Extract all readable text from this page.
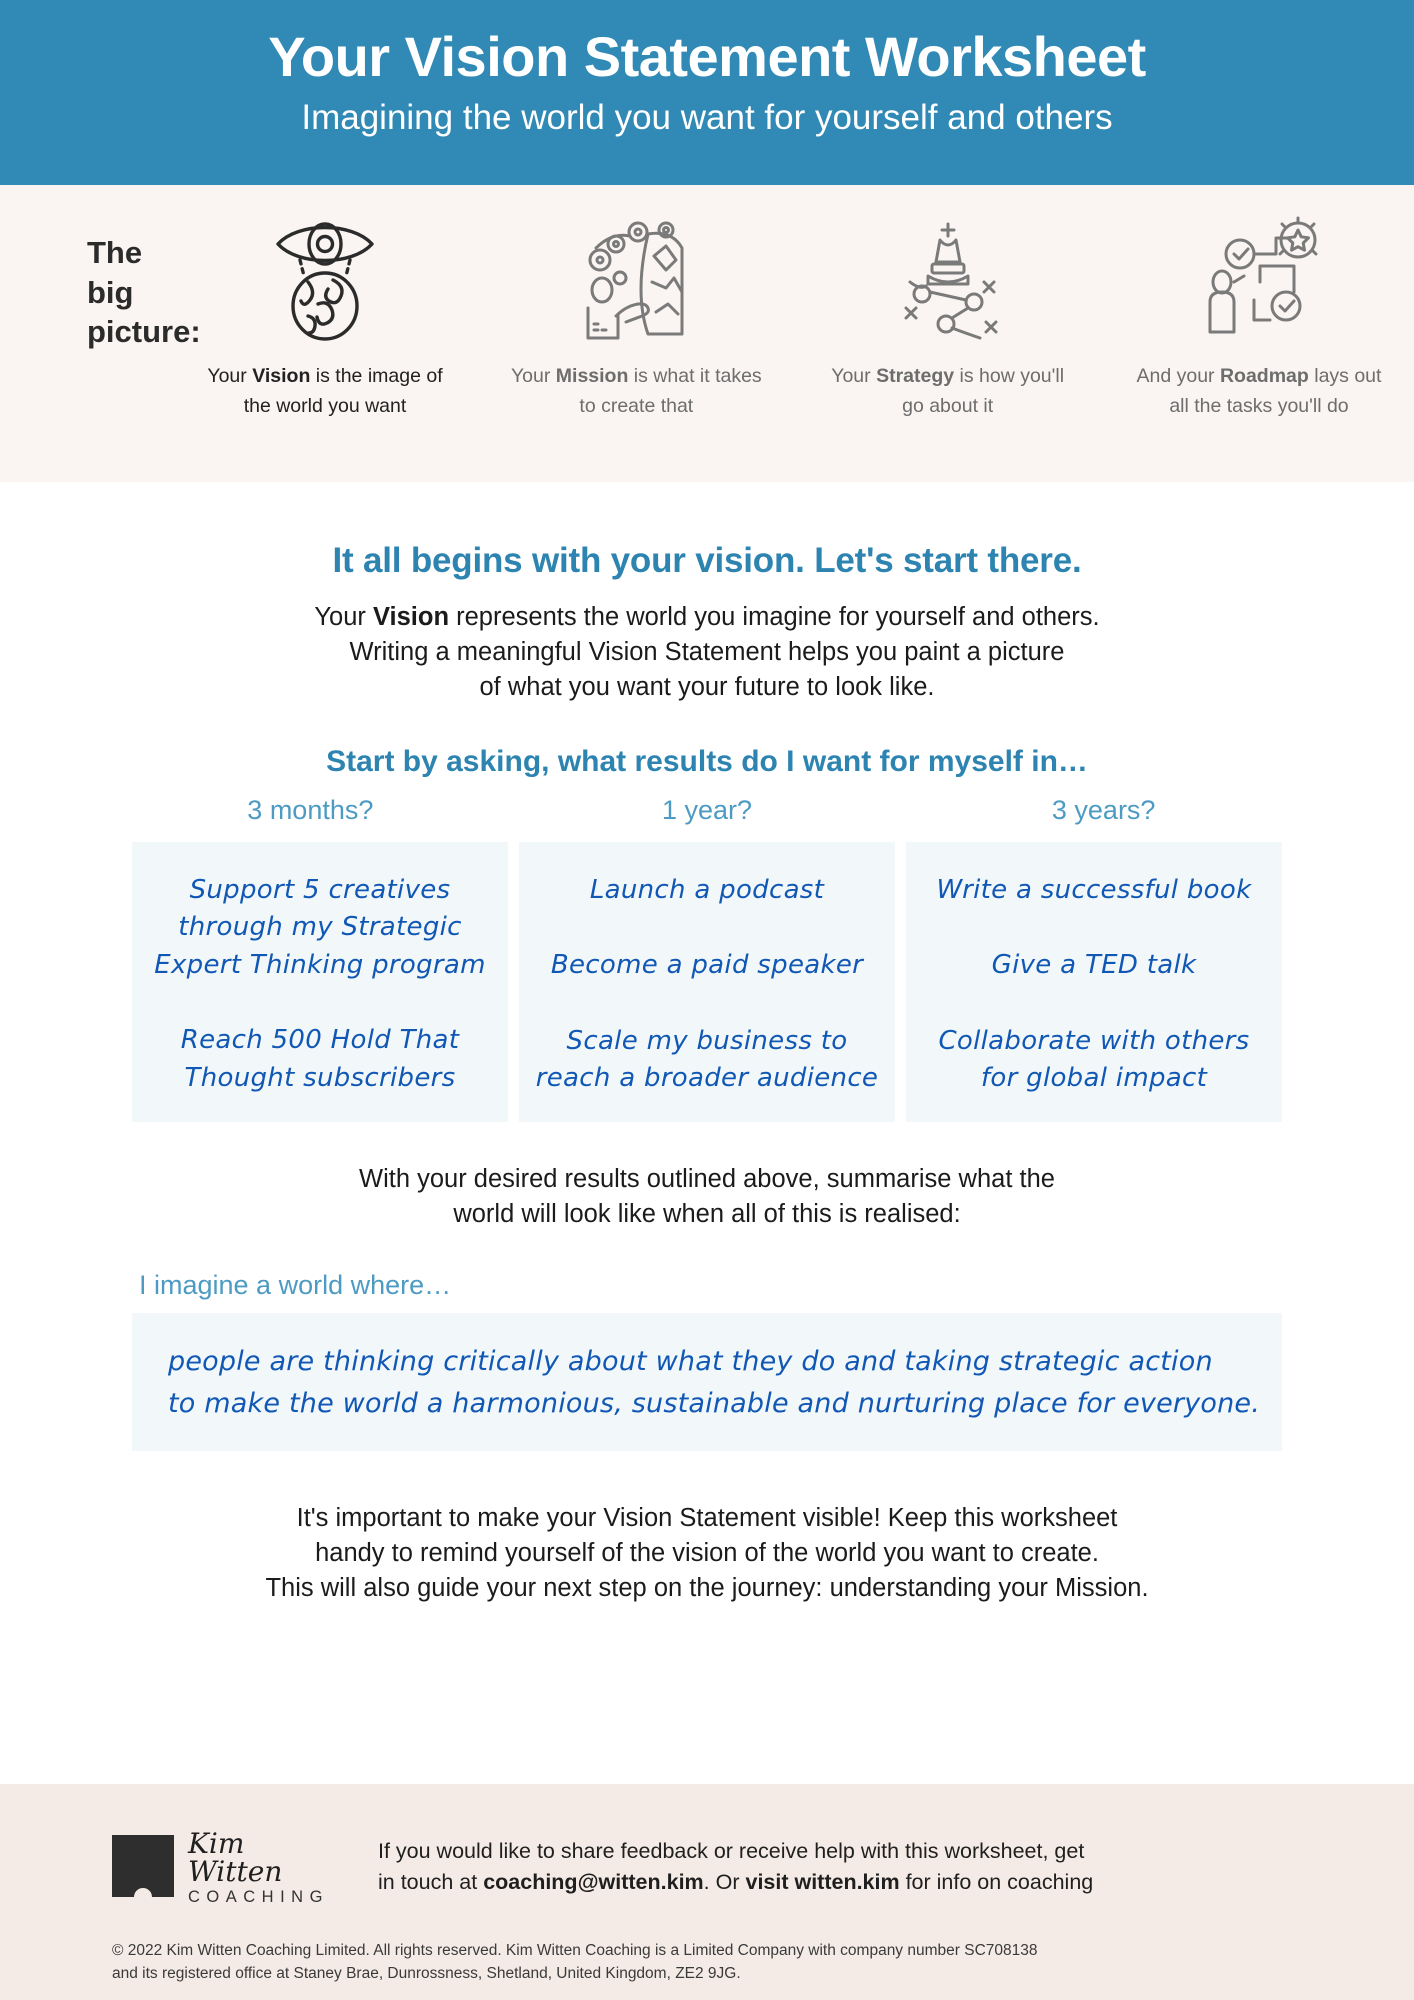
Your Vision Statement Worksheet
Imagining the world you want for yourself and others
The big picture:
Your Vision is the image of the world you want
Your Mission is what it takes to create that
Your Strategy is how you'll go about it
And your Roadmap lays out all the tasks you'll do
It all begins with your vision. Let's start there.
Your Vision represents the world you imagine for yourself and others.
Writing a meaningful Vision Statement helps you paint a picture
of what you want your future to look like.
Start by asking, what results do I want for myself in…
3 months?	1 year?	3 years?
Support 5 creatives
through my Strategic
Expert Thinking program
Reach 500 Hold That
Thought subscribers
Launch a podcast
Become a paid speaker
Scale my business to
reach a broader audience
Write a successful book
Give a TED talk
Collaborate with others
for global impact
With your desired results outlined above, summarise what the
world will look like when all of this is realised:
I imagine a world where…
people are thinking critically about what they do and taking strategic action
to make the world a harmonious, sustainable and nurturing place for everyone.
It's important to make your Vision Statement visible! Keep this worksheet
handy to remind yourself of the vision of the world you want to create.
This will also guide your next step on the journey: understanding your Mission.
Kim Witten
COACHING
If you would like to share feedback or receive help with this worksheet, get
in touch at coaching@witten.kim. Or visit witten.kim for info on coaching
© 2022 Kim Witten Coaching Limited. All rights reserved. Kim Witten Coaching is a Limited Company with company number SC708138
and its registered office at Staney Brae, Dunrossness, Shetland, United Kingdom, ZE2 9JG.
